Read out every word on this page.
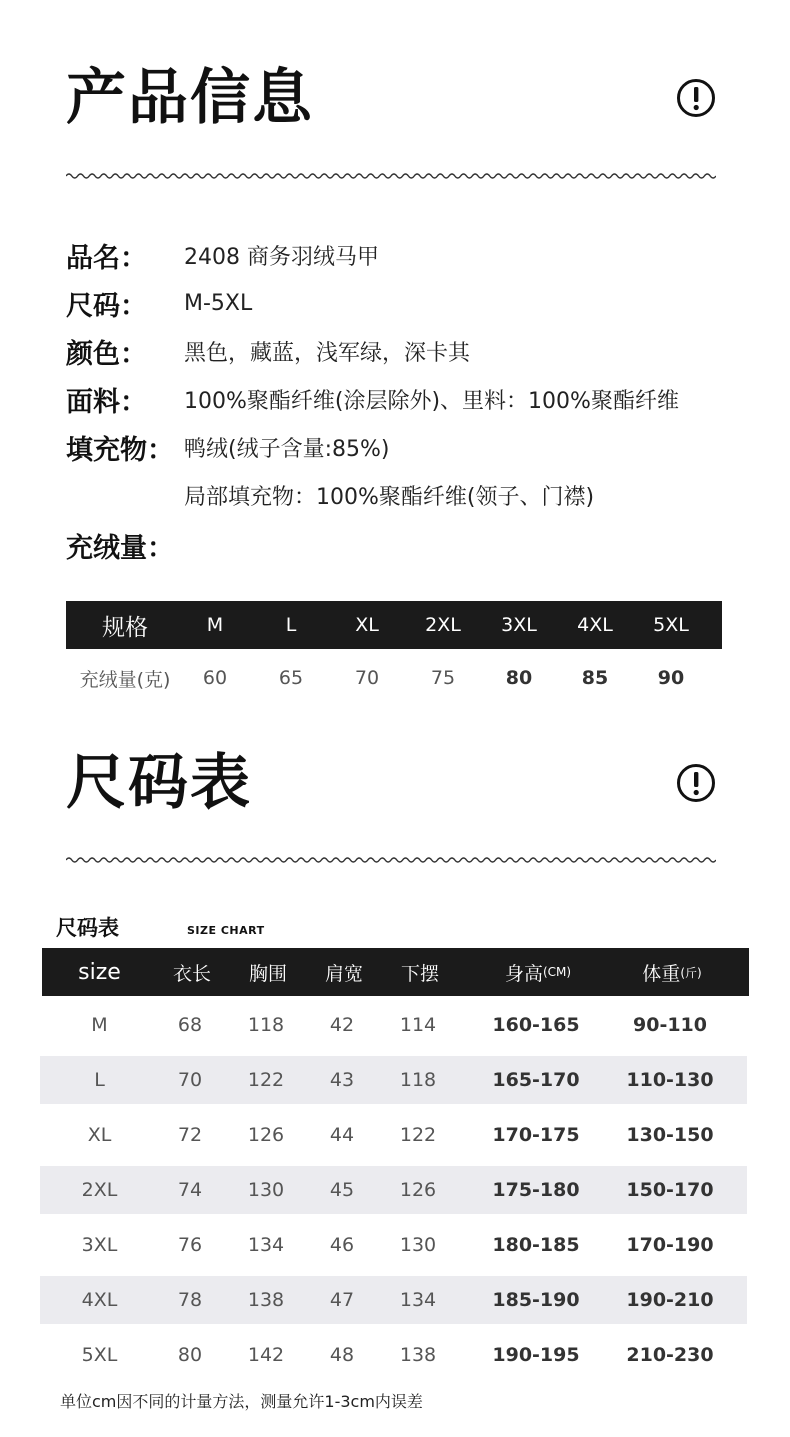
产品信息
品名：	2408 商务羽绒马甲
尺码：	M-5XL
颜色：	黑色，藏蓝，浅军绿，深卡其
面料：	100%聚酯纤维(涂层除外)、里料：100%聚酯纤维
填充物： 鸭绒(绒子含量:85%)
局部填充物：100%聚酯纤维(领子、门襟)
充绒量：
规格	M	L	XL	2XL	3XL	4XL	5XL
充绒量(克)	60	65	70	75	80	85	90
尺码表
尺码表	SIZE CHART
size	衣长	胸围	肩宽	下摆	身高 (CM)	体重 (斤)
M	68	118	42	114	160-165	90-110
L	70	122	43	118	165-170	110-130
XL	72	126	44	122	170-175	130-150
2XL	74	130	45	126	175-180	150-170
3XL	76	134	46	130	180-185	170-190
4XL	78	138	47	134	185-190	190-210
5XL	80	142	48	138	190-195	210-230
单位cm因不同的计量方法，测量允许1-3cm内误差
